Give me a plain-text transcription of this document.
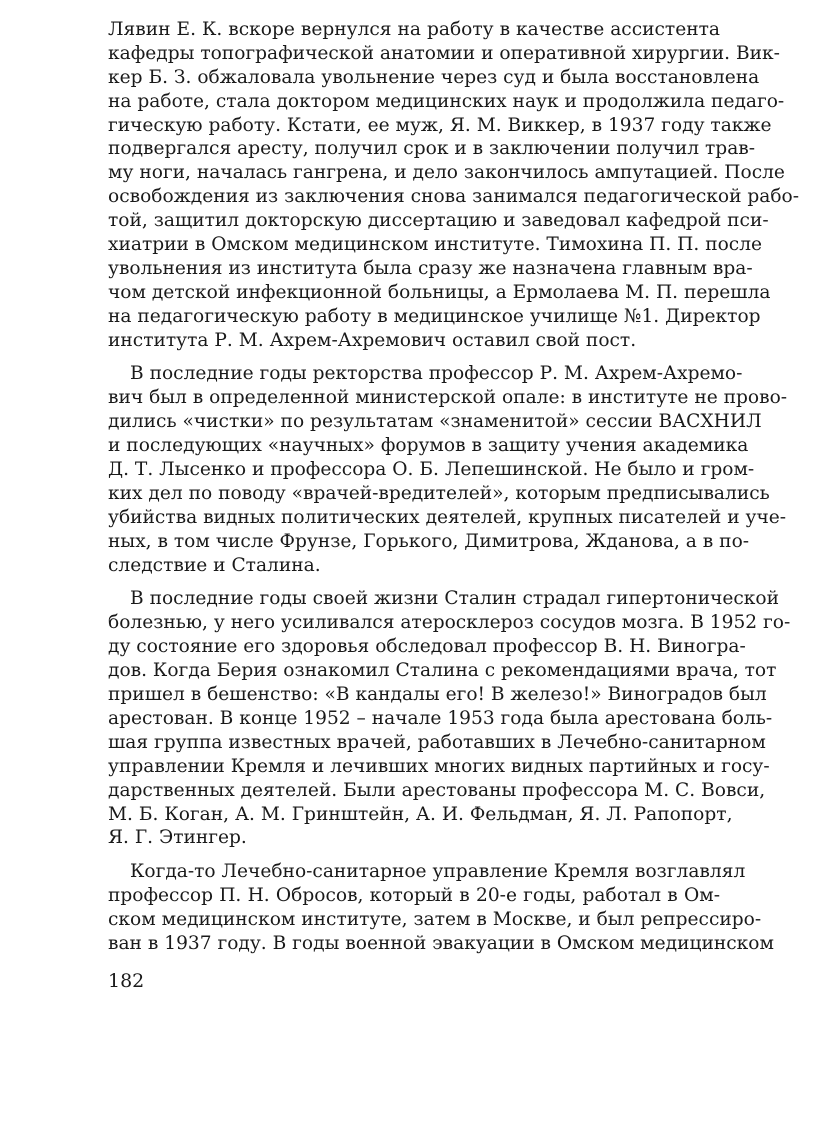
Лявин Е. К. вскоре вернулся на работу в качестве ассистента
кафедры топографической анатомии и оперативной хирургии. Вик-
кер Б. З. обжаловала увольнение через суд и была восстановлена
на работе, стала доктором медицинских наук и продолжила педаго-
гическую работу. Кстати, ее муж, Я. М. Виккер, в 1937 году также
подвергался аресту, получил срок и в заключении получил трав-
му ноги, началась гангрена, и дело закончилось ампутацией. После
освобождения из заключения снова занимался педагогической рабо-
той, защитил докторскую диссертацию и заведовал кафедрой пси-
хиатрии в Омском медицинском институте. Тимохина П. П. после
увольнения из института была сразу же назначена главным вра-
чом детской инфекционной больницы, а Ермолаева М. П. перешла
на педагогическую работу в медицинское училище №1. Директор
института Р. М. Ахрем-Ахремович оставил свой пост.
В последние годы ректорства профессор Р. М. Ахрем-Ахремо-
вич был в определенной министерской опале: в институте не прово-
дились «чистки» по результатам «знаменитой» сессии ВАСХНИЛ
и последующих «научных» форумов в защиту учения академика
Д. Т. Лысенко и профессора О. Б. Лепешинской. Не было и гром-
ких дел по поводу «врачей-вредителей», которым предписывались
убийства видных политических деятелей, крупных писателей и уче-
ных, в том числе Фрунзе, Горького, Димитрова, Жданова, а в по-
следствие и Сталина.
В последние годы своей жизни Сталин страдал гипертонической
болезнью, у него усиливался атеросклероз сосудов мозга. В 1952 го-
ду состояние его здоровья обследовал профессор В. Н. Виногра-
дов. Когда Берия ознакомил Сталина с рекомендациями врача, тот
пришел в бешенство: «В кандалы его! В железо!» Виноградов был
арестован. В конце 1952 – начале 1953 года была арестована боль-
шая группа известных врачей, работавших в Лечебно-санитарном
управлении Кремля и лечивших многих видных партийных и госу-
дарственных деятелей. Были арестованы профессора М. С. Вовси,
М. Б. Коган, А. М. Гринштейн, А. И. Фельдман, Я. Л. Рапопорт,
Я. Г. Этингер.
Когда-то Лечебно-санитарное управление Кремля возглавлял
профессор П. Н. Обросов, который в 20-е годы, работал в Ом-
ском медицинском институте, затем в Москве, и был репрессиро-
ван в 1937 году. В годы военной эвакуации в Омском медицинском
182
